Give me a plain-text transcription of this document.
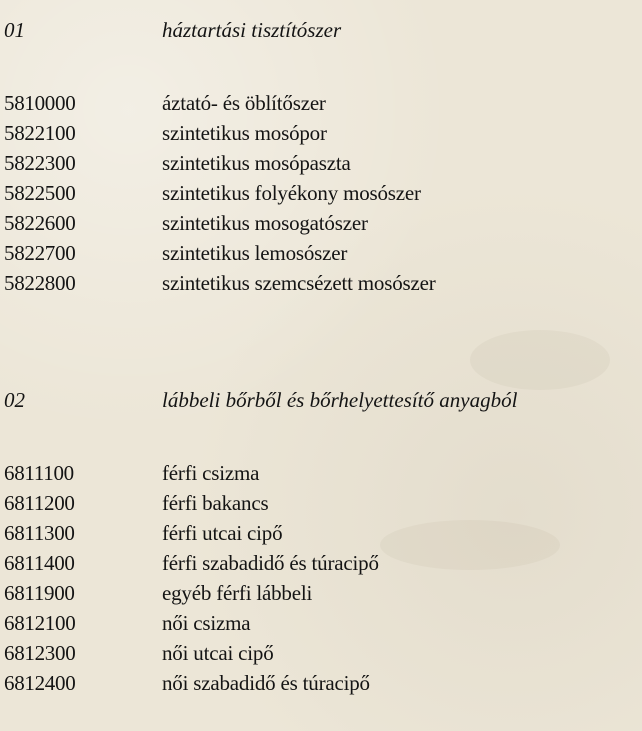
01	háztartási tisztítószer
5810000	áztató- és öblítőszer
5822100	szintetikus mosópor
5822300	szintetikus mosópaszta
5822500	szintetikus folyékony mosószer
5822600	szintetikus mosogatószer
5822700	szintetikus lemosószer
5822800	szintetikus szemcsézett mosószer
02	lábbeli bőrből és bőrhelyettesítő anyagból
6811100	férfi csizma
6811200	férfi bakancs
6811300	férfi utcai cipő
6811400	férfi szabadidő és túracipő
6811900	egyéb férfi lábbeli
6812100	női csizma
6812300	női utcai cipő
6812400	női szabadidő és túracipő
